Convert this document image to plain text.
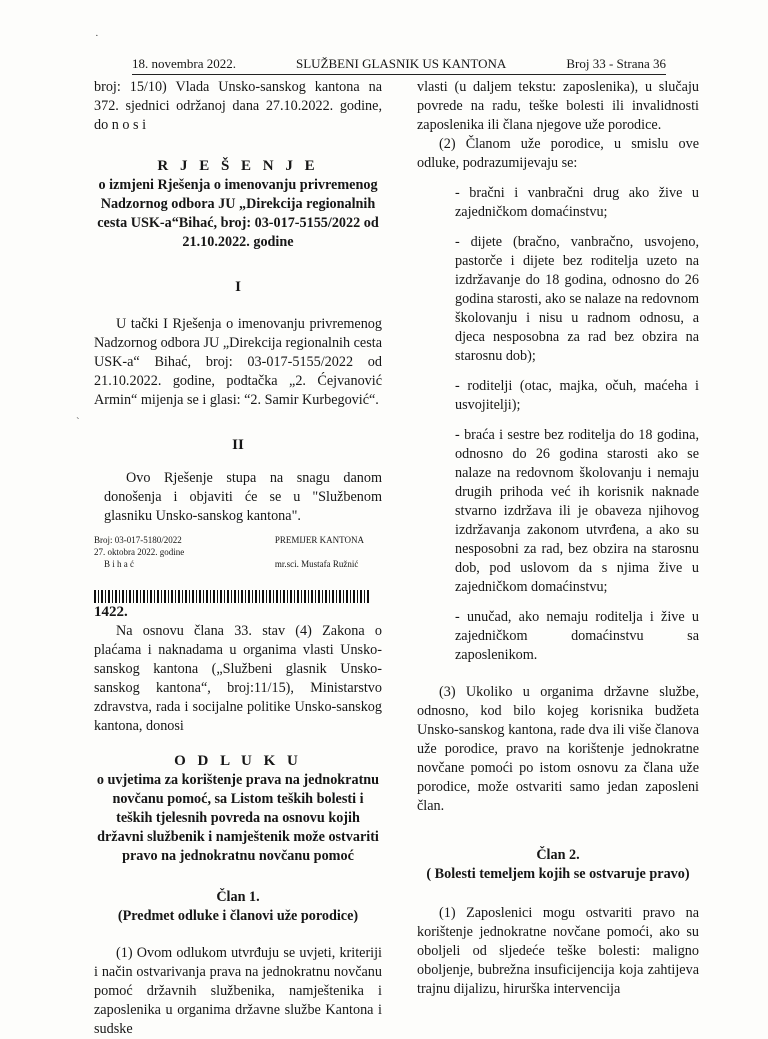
·
`
18. novembra 2022.	SLUŽBENI GLASNIK US KANTONA	Broj 33 - Strana 36

broj: 15/10) Vlada Unsko-sanskog kantona na 372. sjednici održanoj dana 27.10.2022. godine, do n o s i

R J E Š E N J E
o izmjeni Rješenja o imenovanju privremenog Nadzornog odbora JU „Direkcija regionalnih cesta USK-a“Bihać, broj: 03-017-5155/2022 od 21.10.2022. godine
I

U tački I Rješenja o imenovanju privremenog Nadzornog odbora JU „Direkcija regionalnih cesta USK-a“ Bihać, broj: 03-017-5155/2022 od 21.10.2022. godine, podtačka „2. Ćejvanović Armin“ mijenja se i glasi: “2. Samir Kurbegović“.

II

Ovo Rješenje stupa na snagu danom donošenja i objaviti će se u "Službenom glasniku Unsko-sanskog kantona".

Broj: 03-017-5180/2022
27. oktobra 2022. godine
B i h a ć
PREMIJER KANTONA
mr.sci. Mustafa Ružnić
1422.

Na osnovu člana 33. stav (4) Zakona o plaćama i naknadama u organima vlasti Unsko-sanskog kantona („Službeni glasnik Unsko-sanskog kantona“, broj:11/15), Ministarstvo zdravstva, rada i socijalne politike Unsko-sanskog kantona, donosi

O D L U K U
o uvjetima za korištenje prava na jednokratnu novčanu pomoć, sa Listom teških bolesti i teških tjelesnih povreda na osnovu kojih državni službenik i namještenik može ostvariti pravo na jednokratnu novčanu pomoć
Član 1.
(Predmet odluke i članovi uže porodice)

(1) Ovom odlukom utvrđuju se uvjeti, kriteriji i način ostvarivanja prava na jednokratnu novčanu pomoć državnih službenika, namještenika i zaposlenika u organima državne službe Kantona i sudske

vlasti (u daljem tekstu: zaposlenika), u slučaju povrede na radu, teške bolesti ili invalidnosti zaposlenika ili člana njegove uže porodice.

(2) Članom uže porodice, u smislu ove odluke, podrazumijevaju se:

- bračni i vanbračni drug ako žive u zajedničkom domaćinstvu;

- dijete (bračno, vanbračno, usvojeno, pastorče i dijete bez roditelja uzeto na izdržavanje do 18 godina, odnosno do 26 godina starosti, ako se nalaze na redovnom školovanju i nisu u radnom odnosu, a djeca nesposobna za rad bez obzira na starosnu dob);

- roditelji (otac, majka, očuh, maćeha i usvojitelji);

- braća i sestre bez roditelja do 18 godina, odnosno do 26 godina starosti ako se nalaze na redovnom školovanju i nemaju drugih prihoda već ih korisnik naknade stvarno izdržava ili je obaveza njihovog izdržavanja zakonom utvrđena, a ako su nesposobni za rad, bez obzira na starosnu dob, pod uslovom da s njima žive u zajedničkom domaćinstvu;

- unučad, ako nemaju roditelja i žive u zajedničkom domaćinstvu sa zaposlenikom.

(3) Ukoliko u organima državne službe, odnosno, kod bilo kojeg korisnika budžeta Unsko-sanskog kantona, rade dva ili više članova uže porodice, pravo na korištenje jednokratne novčane pomoći po istom osnovu za člana uže porodice, može ostvariti samo jedan zaposleni član.

Član 2.
( Bolesti temeljem kojih se ostvaruje pravo)

(1) Zaposlenici mogu ostvariti pravo na korištenje jednokratne novčane pomoći, ako su oboljeli od sljedeće teške bolesti: maligno oboljenje, bubrežna insuficijencija koja zahtijeva trajnu dijalizu, hirurška intervencija
